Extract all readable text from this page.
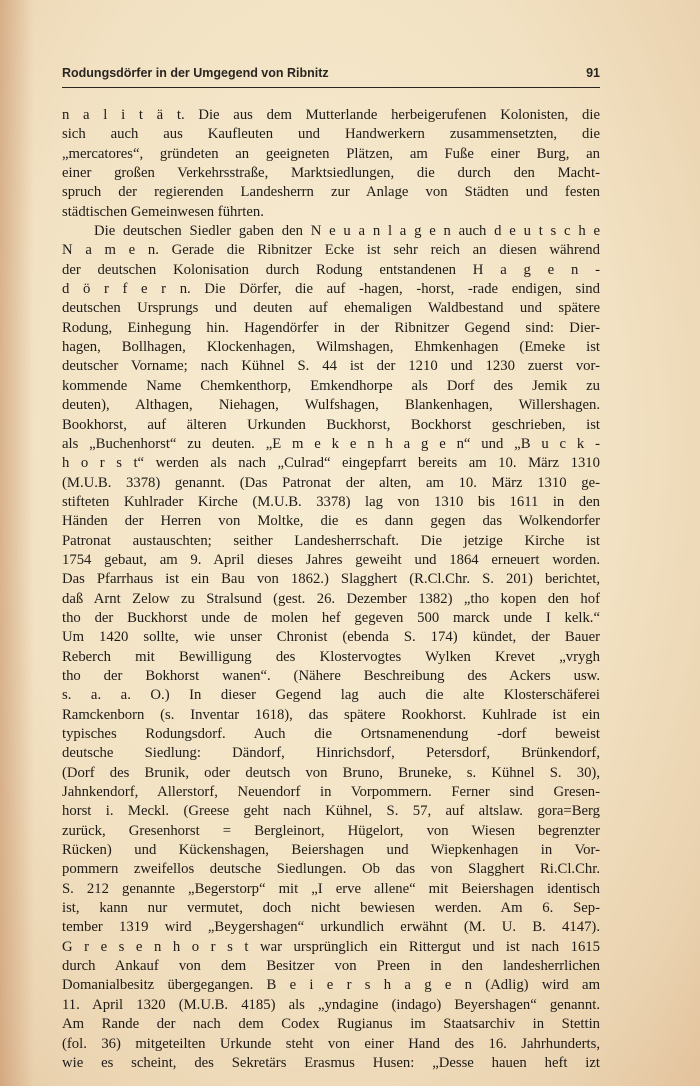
Rodungsdörfer in der Umgegend von Ribnitz	91
n a l i t ä t. Die aus dem Mutterlande herbeigerufenen Kolonisten, die
sich auch aus Kaufleuten und Handwerkern zusammensetzten, die
„mercatores“, gründeten an geeigneten Plätzen, am Fuße einer Burg, an
einer großen Verkehrsstraße, Marktsiedlungen, die durch den Macht-
spruch der regierenden Landesherrn zur Anlage von Städten und festen
städtischen Gemeinwesen führten.
Die deutschen Siedler gaben den N e u a n l a g e n auch d e u t s c h e
N a m e n. Gerade die Ribnitzer Ecke ist sehr reich an diesen während
der deutschen Kolonisation durch Rodung entstandenen H a g e n -
d ö r f e r n. Die Dörfer, die auf -hagen, -horst, -rade endigen, sind
deutschen Ursprungs und deuten auf ehemaligen Waldbestand und spätere
Rodung, Einhegung hin. Hagendörfer in der Ribnitzer Gegend sind: Dier-
hagen, Bollhagen, Klockenhagen, Wilmshagen, Ehmkenhagen (Emeke ist
deutscher Vorname; nach Kühnel S. 44 ist der 1210 und 1230 zuerst vor-
kommende Name Chemkenthorp, Emkendhorpe als Dorf des Jemik zu
deuten), Althagen, Niehagen, Wulfshagen, Blankenhagen, Willershagen.
Bookhorst, auf älteren Urkunden Buckhorst, Bockhorst geschrieben, ist
als „Buchenhorst“ zu deuten. „E m e k e n h a g e n“ und „B u c k -
h o r s t“ werden als nach „Culrad“ eingepfarrt bereits am 10. März 1310
(M.U.B. 3378) genannt. (Das Patronat der alten, am 10. März 1310 ge-
stifteten Kuhlrader Kirche (M.U.B. 3378) lag von 1310 bis 1611 in den
Händen der Herren von Moltke, die es dann gegen das Wolkendorfer
Patronat austauschten; seither Landesherrschaft. Die jetzige Kirche ist
1754 gebaut, am 9. April dieses Jahres geweiht und 1864 erneuert worden.
Das Pfarrhaus ist ein Bau von 1862.) Slagghert (R.Cl.Chr. S. 201) berichtet,
daß Arnt Zelow zu Stralsund (gest. 26. Dezember 1382) „tho kopen den hof
tho der Buckhorst unde de molen hef gegeven 500 marck unde I kelk.“
Um 1420 sollte, wie unser Chronist (ebenda S. 174) kündet, der Bauer
Reberch mit Bewilligung des Klostervogtes Wylken Krevet „vrygh
tho der Bokhorst wanen“. (Nähere Beschreibung des Ackers usw.
s. a. a. O.) In dieser Gegend lag auch die alte Klosterschäferei
Ramckenborn (s. Inventar 1618), das spätere Rookhorst. Kuhlrade ist ein
typisches Rodungsdorf. Auch die Ortsnamenendung -dorf beweist
deutsche Siedlung: Dändorf, Hinrichsdorf, Petersdorf, Brünkendorf,
(Dorf des Brunik, oder deutsch von Bruno, Bruneke, s. Kühnel S. 30),
Jahnkendorf, Allerstorf, Neuendorf in Vorpommern. Ferner sind Gresen-
horst i. Meckl. (Greese geht nach Kühnel, S. 57, auf altslaw. gora=Berg
zurück, Gresenhorst = Bergleinort, Hügelort, von Wiesen begrenzter
Rücken) und Kückenshagen, Beiershagen und Wiepkenhagen in Vor-
pommern zweifellos deutsche Siedlungen. Ob das von Slagghert Ri.Cl.Chr.
S. 212 genannte „Begerstorp“ mit „I erve allene“ mit Beiershagen identisch
ist, kann nur vermutet, doch nicht bewiesen werden. Am 6. Sep-
tember 1319 wird „Beygershagen“ urkundlich erwähnt (M. U. B. 4147).
G r e s e n h o r s t war ursprünglich ein Rittergut und ist nach 1615
durch Ankauf von dem Besitzer von Preen in den landesherrlichen
Domanialbesitz übergegangen. B e i e r s h a g e n (Adlig) wird am
11. April 1320 (M.U.B. 4185) als „yndagine (indago) Beyershagen“ genannt.
Am Rande der nach dem Codex Rugianus im Staatsarchiv in Stettin
(fol. 36) mitgeteilten Urkunde steht von einer Hand des 16. Jahrhunderts,
wie es scheint, des Sekretärs Erasmus Husen: „Desse hauen heft izt
